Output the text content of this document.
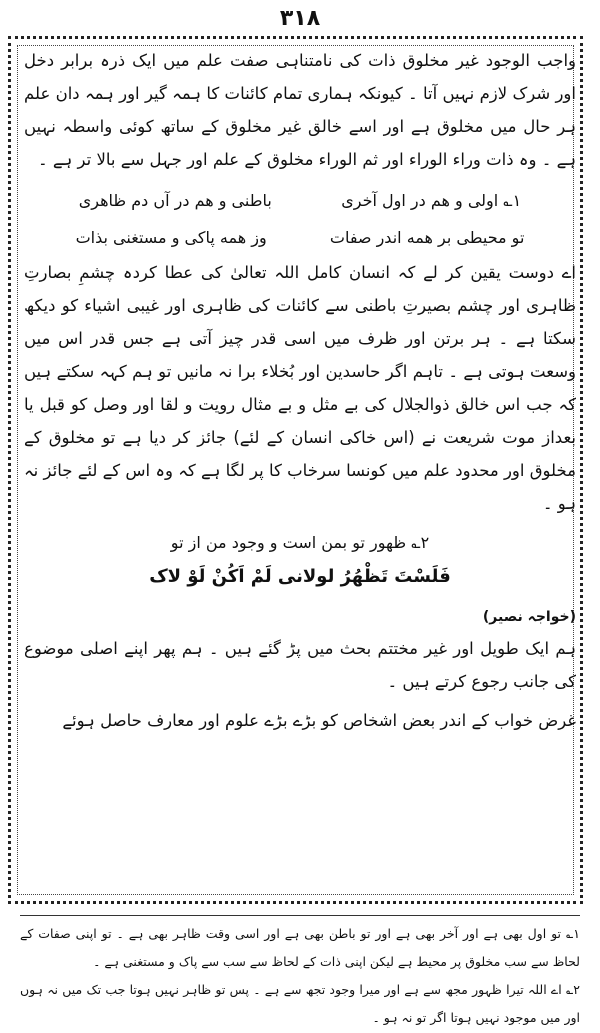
۳۱۸

واجب الوجود غیر مخلوق ذات کی نامتناہی صفت علم میں ایک ذرہ برابر دخل اور شرک لازم نہیں آتا ۔ کیونکہ ہماری تمام کائنات کا ہمہ گیر اور ہمہ دان علم ہر حال میں مخلوق ہے اور اسے خالق غیر مخلوق کے ساتھ کوئی واسطہ نہیں ہے ۔ وہ ذات وراء الوراء اور ثم الوراء مخلوق کے علم اور جہل سے بالا تر ہے ۔

۱؎ اولی و هم در اول آخری
باطنی و هم در آں دم ظاهری
تو محیطی بر همه اندر صفات
وز همه پاکی و مستغنی بذات

اے دوست یقین کر لے کہ انسان کامل اللہ تعالیٰ کی عطا کردہ چشمِ بصارتِ ظاہری اور چشم بصیرتِ باطنی سے کائنات کی ظاہری اور غیبی اشیاء کو دیکھ سکتا ہے ۔ ہر برتن اور ظرف میں اسی قدر چیز آتی ہے جس قدر اس میں وسعت ہوتی ہے ۔ تاہم اگر حاسدین اور بُخلاء برا نہ مانیں تو ہم کہہ سکتے ہیں کہ جب اس خالق ذوالجلال کی بے مثل و بے مثال رویت و لقا اور وصل کو قبل یا بعداز موت شریعت نے (اس خاکی انسان کے لئے) جائز کر دیا ہے تو مخلوق کے مخلوق اور محدود علم میں کونسا سرخاب کا پر لگا ہے کہ وہ اس کے لئے جائز نہ ہو ۔

۲؎ ظهور تو بمن است و وجود من از تو
فَلَسْتَ تَظْهُرُ لولانی لَمْ اَکُنْ لَوْ لاک
(خواجہ نصیر)

ہم ایک طویل اور غیر مختتم بحث میں پڑ گئے ہیں ۔ ہم پھر اپنے اصلی موضوع کی جانب رجوع کرتے ہیں ۔

غرض خواب کے اندر بعض اشخاص کو بڑے بڑے علوم اور معارف حاصل ہوئے

۱؎ تو اول بھی ہے اور آخر بھی ہے اور تو باطن بھی ہے اور اسی وقت ظاہر بھی ہے ۔ تو اپنی صفات کے لحاظ سے سب مخلوق پر محیط ہے لیکن اپنی ذات کے لحاظ سے سب سے پاک و مستغنی ہے ۔

۲؎ اے اللہ تیرا ظہور مجھ سے ہے اور میرا وجود تجھ سے ہے ۔ پس تو ظاہر نہیں ہوتا جب تک میں نہ ہوں اور میں موجود نہیں ہوتا اگر تو نہ ہو ۔
